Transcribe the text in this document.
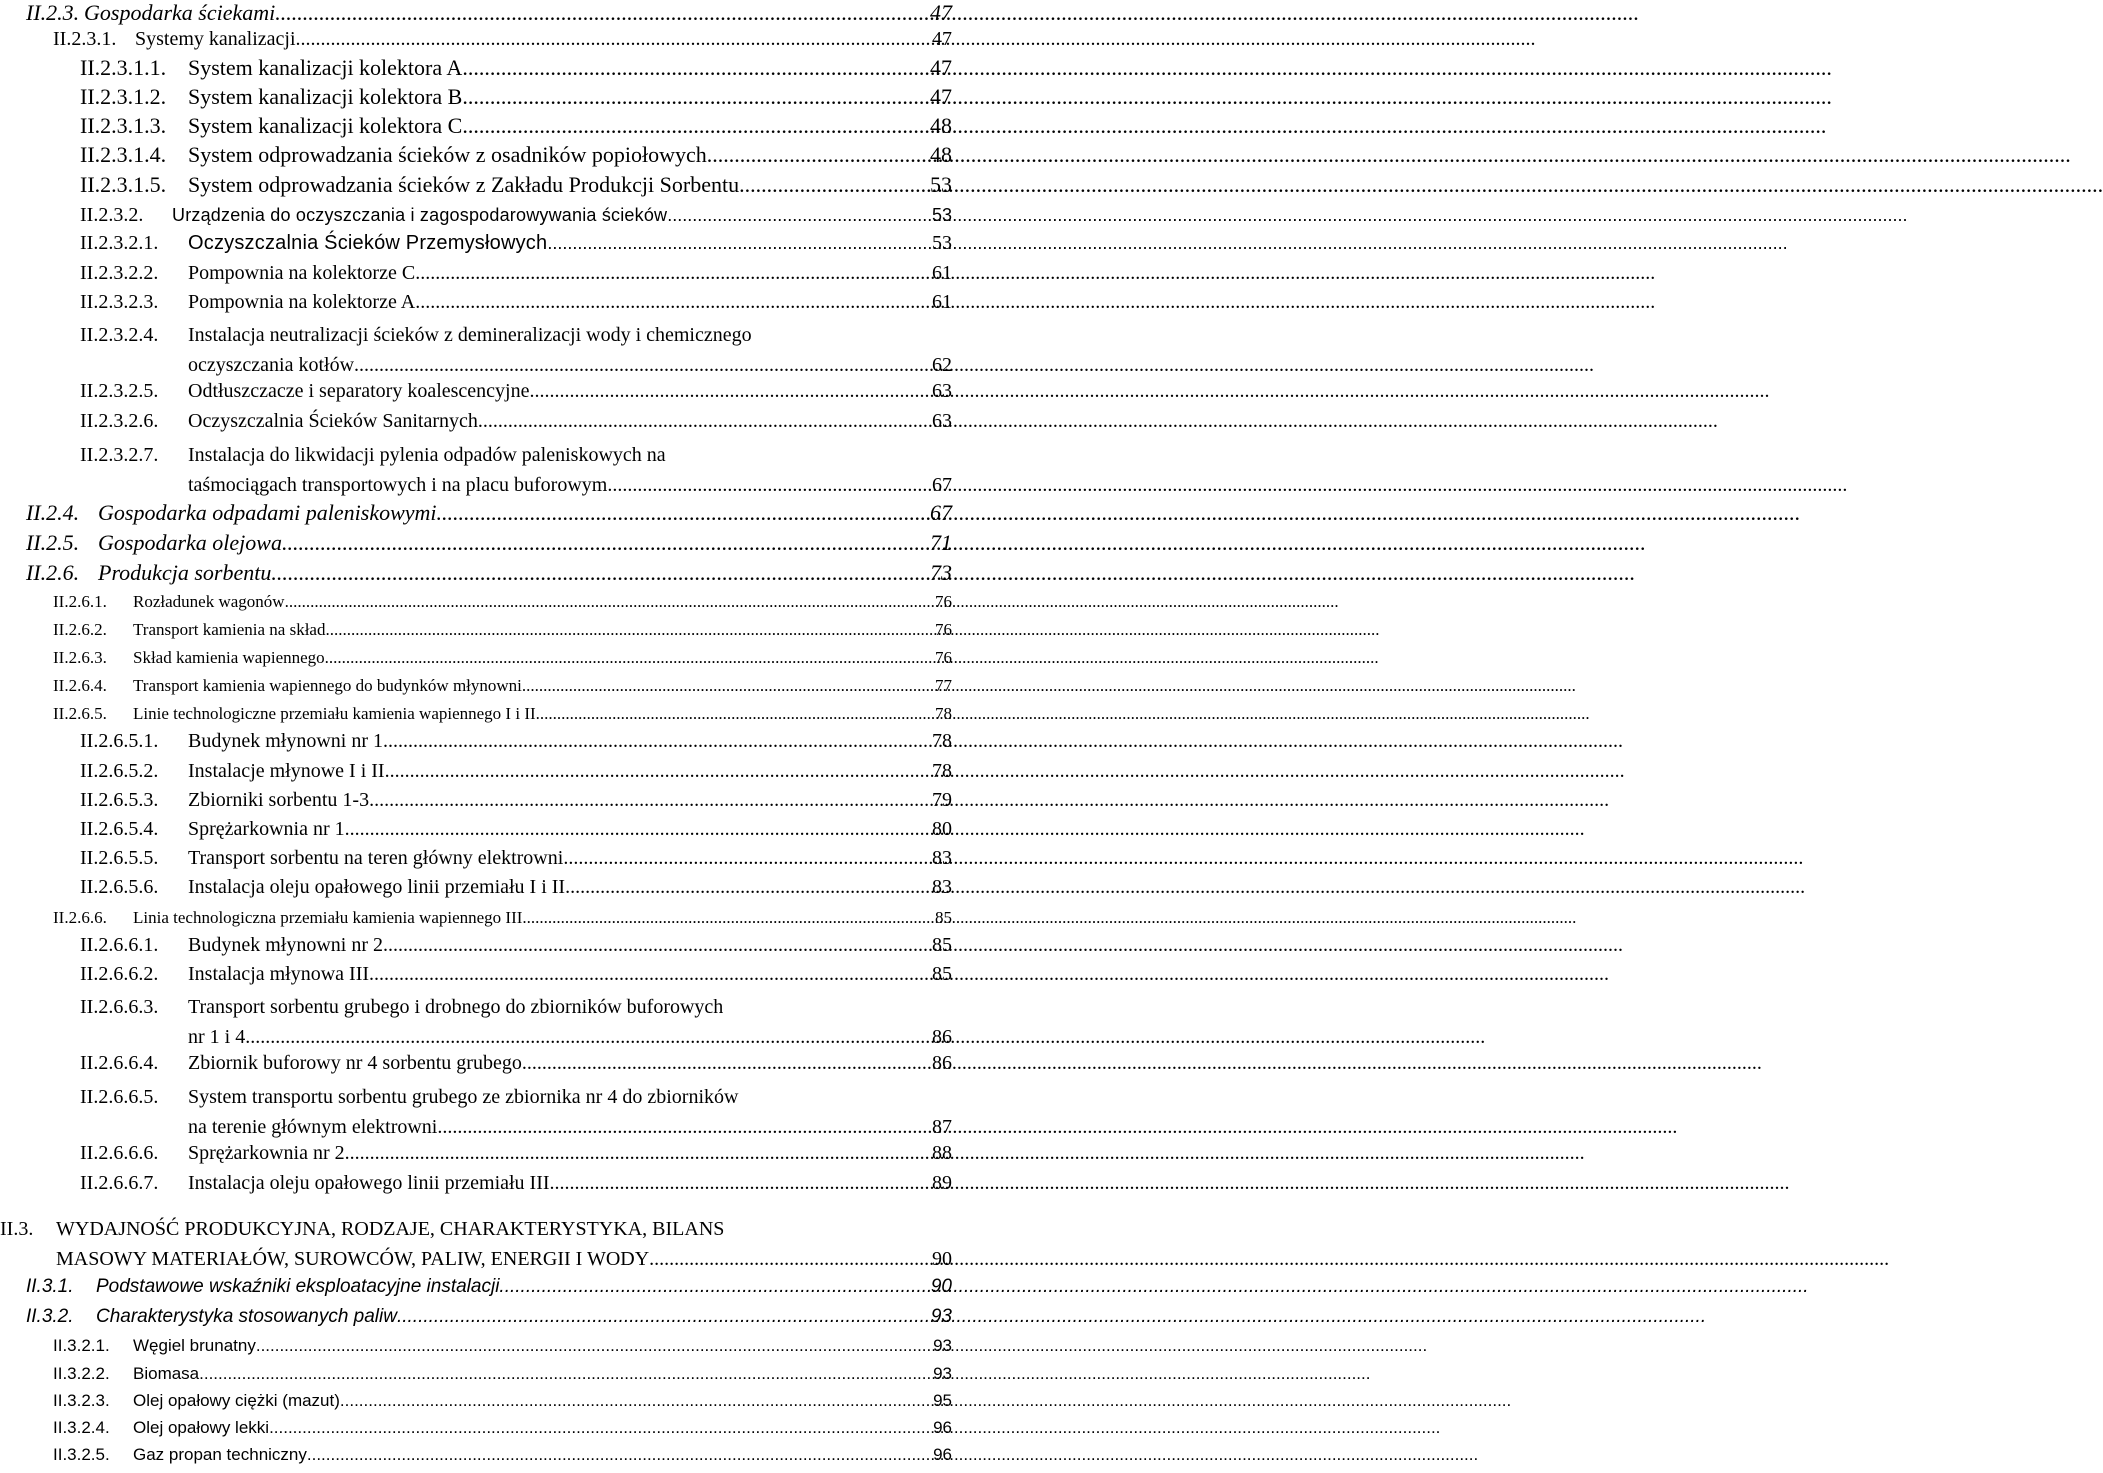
II.2.3. Gospodarka ściekami .....	47
II.2.3.1. Systemy kanalizacji .....	47
II.2.3.1.1. System kanalizacji kolektora A. .....	47
II.2.3.1.2. System kanalizacji kolektora B. .....	47
II.2.3.1.3. System kanalizacji kolektora C .....	48
II.2.3.1.4. System odprowadzania ścieków z osadników popiołowych .....	48
II.2.3.1.5. System odprowadzania ścieków z Zakładu Produkcji Sorbentu .....	53
II.2.3.2.	Urządzenia do oczyszczania i zagospodarowywania ścieków .....	53
II.2.3.2.1.	Oczyszczalnia Ścieków Przemysłowych .....	53
II.2.3.2.2.	Pompownia na kolektorze C .....	61
II.2.3.2.3.	Pompownia na kolektorze A .....	61
II.2.3.2.4.	Instalacja neutralizacji ścieków z demineralizacji wody i chemicznego
oczyszczania kotłów .....	62
II.2.3.2.5.	Odtłuszczacze i separatory koalescencyjne .....	63
II.2.3.2.6.	Oczyszczalnia Ścieków Sanitarnych .....	63
II.2.3.2.7.	Instalacja do likwidacji pylenia odpadów paleniskowych na
taśmociągach transportowych i na placu buforowym .....	67
II.2.4. Gospodarka odpadami paleniskowymi .....	67
II.2.5. Gospodarka olejowa .....	71
II.2.6. Produkcja sorbentu .....	73
II.2.6.1.	Rozładunek wagonów .....	76
II.2.6.2.	Transport kamienia na skład .....	76
II.2.6.3.	Skład kamienia wapiennego .....	76
II.2.6.4.	Transport kamienia wapiennego do budynków młynowni .....	77
II.2.6.5.	Linie technologiczne przemiału kamienia wapiennego I i II .....	78
II.2.6.5.1.	Budynek młynowni nr 1 .....	78
II.2.6.5.2.	Instalacje młynowe I i II .....	78
II.2.6.5.3.	Zbiorniki sorbentu 1-3 .....	79
II.2.6.5.4.	Sprężarkownia nr 1 .....	80
II.2.6.5.5.	Transport sorbentu na teren główny elektrowni .....	83
II.2.6.5.6.	Instalacja oleju opałowego linii przemiału I i II .....	83
II.2.6.6.	Linia technologiczna przemiału kamienia wapiennego III .....	85
II.2.6.6.1.	Budynek młynowni nr 2 .....	85
II.2.6.6.2.	Instalacja młynowa III .....	85
II.2.6.6.3.	Transport sorbentu grubego i drobnego do zbiorników buforowych
nr 1 i 4 .....	86
II.2.6.6.4.	Zbiornik buforowy nr 4 sorbentu grubego .....	86
II.2.6.6.5.	System transportu sorbentu grubego ze zbiornika nr 4 do zbiorników
na terenie głównym elektrowni .....	87
II.2.6.6.6.	Sprężarkownia nr 2 .....	88
II.2.6.6.7.	Instalacja oleju opałowego linii przemiału III .....	89
II.3.	WYDAJNOŚĆ PRODUKCYJNA, RODZAJE, CHARAKTERYSTYKA, BILANS
MASOWY MATERIAŁÓW, SUROWCÓW, PALIW, ENERGII I WODY .....	90
II.3.1.	Podstawowe wskaźniki eksploatacyjne instalacji .....	90
II.3.2.	Charakterystyka stosowanych paliw .....	93
II.3.2.1.	Węgiel brunatny .....	93
II.3.2.2.	Biomasa .....	93
II.3.2.3.	Olej opałowy ciężki (mazut) .....	95
II.3.2.4.	Olej opałowy lekki .....	96
II.3.2.5.	Gaz propan techniczny .....	96
